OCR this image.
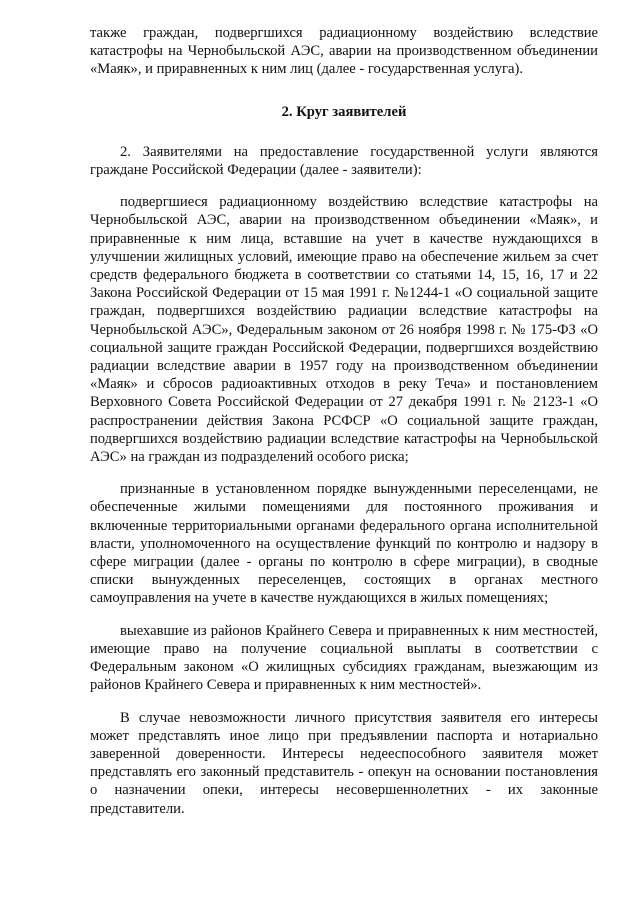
также граждан, подвергшихся радиационному воздействию вследствие катастрофы на Чернобыльской АЭС, аварии на производственном объединении «Маяк», и приравненных к ним лиц (далее - государственная услуга).

2. Круг заявителей

2. Заявителями на предоставление государственной услуги являются граждане Российской Федерации (далее - заявители):

подвергшиеся радиационному воздействию вследствие катастрофы на Чернобыльской АЭС, аварии на производственном объединении «Маяк», и приравненные к ним лица, вставшие на учет в качестве нуждающихся в улучшении жилищных условий, имеющие право на обеспечение жильем за счет средств федерального бюджета в соответствии со статьями 14, 15, 16, 17 и 22 Закона Российской Федерации от 15 мая 1991 г. №1244-1 «О социальной защите граждан, подвергшихся воздействию радиации вследствие катастрофы на Чернобыльской АЭС», Федеральным законом от 26 ноября 1998 г. № 175-ФЗ «О социальной защите граждан Российской Федерации, подвергшихся воздействию радиации вследствие аварии в 1957 году на производственном объединении «Маяк» и сбросов радиоактивных отходов в реку Теча» и постановлением Верховного Совета Российской Федерации от 27 декабря 1991 г. № 2123-1 «О распространении действия Закона РСФСР «О социальной защите граждан, подвергшихся воздействию радиации вследствие катастрофы на Чернобыльской АЭС» на граждан из подразделений особого риска;

признанные в установленном порядке вынужденными переселенцами, не обеспеченные жилыми помещениями для постоянного проживания и включенные территориальными органами федерального органа исполнительной власти, уполномоченного на осуществление функций по контролю и надзору в сфере миграции (далее - органы по контролю в сфере миграции), в сводные списки вынужденных переселенцев, состоящих в органах местного самоуправления на учете в качестве нуждающихся в жилых помещениях;

выехавшие из районов Крайнего Севера и приравненных к ним местностей, имеющие право на получение социальной выплаты в соответствии с Федеральным законом «О жилищных субсидиях гражданам, выезжающим из районов Крайнего Севера и приравненных к ним местностей».

В случае невозможности личного присутствия заявителя его интересы может представлять иное лицо при предъявлении паспорта и нотариально заверенной доверенности. Интересы недееспособного заявителя может представлять его законный представитель - опекун на основании постановления о назначении опеки, интересы несовершеннолетних - их законные представители.
